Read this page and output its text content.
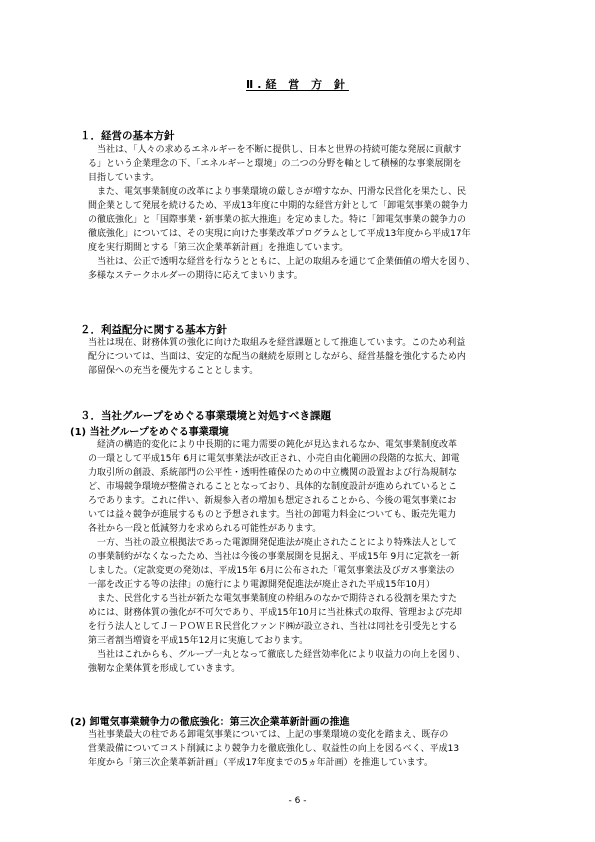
Ⅱ.経 営 方 針
１．経営の基本方針
　当社は、「人々の求めるエネルギーを不断に提供し、日本と世界の持続可能な発展に貢献す
る」という企業理念の下、「エネルギーと環境」の二つの分野を軸として積極的な事業展開を
目指しています。
　また、電気事業制度の改革により事業環境の厳しさが増すなか、円滑な民営化を果たし、民
間企業として発展を続けるため、平成13年度に中期的な経営方針として「卸電気事業の競争力
の徹底強化」と「国際事業・新事業の拡大推進」を定めました。特に「卸電気事業の競争力の
徹底強化」については、その実現に向けた事業改革プログラムとして平成13年度から平成17年
度を実行期間とする「第三次企業革新計画」を推進しています。
　当社は、公正で透明な経営を行なうとともに、上記の取組みを通じて企業価値の増大を図り、
多様なステークホルダーの期待に応えてまいります。
２．利益配分に関する基本方針
当社は現在、財務体質の強化に向けた取組みを経営課題として推進しています。このため利益
配分については、当面は、安定的な配当の継続を原則としながら、経営基盤を強化するため内
部留保への充当を優先することとします。
３．当社グループをめぐる事業環境と対処すべき課題
(1) 当社グループをめぐる事業環境
　経済の構造的変化により中長期的に電力需要の鈍化が見込まれるなか、電気事業制度改革
の一環として平成15年 6月に電気事業法が改正され、小売自由化範囲の段階的な拡大、卸電
力取引所の創設、系統部門の公平性・透明性確保のための中立機関の設置および行為規制な
ど、市場競争環境が整備されることとなっており、具体的な制度設計が進められているとこ
ろであります。これに伴い、新規参入者の増加も想定されることから、今後の電気事業にお
いては益々競争が進展するものと予想されます。当社の卸電力料金についても、販売先電力
各社から一段と低減努力を求められる可能性があります。
　一方、当社の設立根拠法であった電源開発促進法が廃止されたことにより特殊法人として
の事業制約がなくなったため、当社は今後の事業展開を見据え、平成15年 9月に定款を一新
しました。（定款変更の発効は、平成15年 6月に公布された「電気事業法及びガス事業法の
一部を改正する等の法律」の施行により電源開発促進法が廃止された平成15年10月）
　また、民営化する当社が新たな電気事業制度の枠組みのなかで期待される役割を果たすた
めには、財務体質の強化が不可欠であり、平成15年10月に当社株式の取得、管理および売却
を行う法人としてＪ－ＰＯＷＥＲ民営化ファンド㈱が設立され、当社は同社を引受先とする
第三者割当増資を平成15年12月に実施しております。
　当社はこれからも、グループ一丸となって徹底した経営効率化により収益力の向上を図り、
強靭な企業体質を形成していきます。
(2) 卸電気事業競争力の徹底強化：第三次企業革新計画の推進
当社事業最大の柱である卸電気事業については、上記の事業環境の変化を踏まえ、既存の
営業設備についてコスト削減により競争力を徹底強化し、収益性の向上を図るべく、平成13
年度から「第三次企業革新計画」（平成17年度までの5ヵ年計画）を推進しています。
- 6 -
